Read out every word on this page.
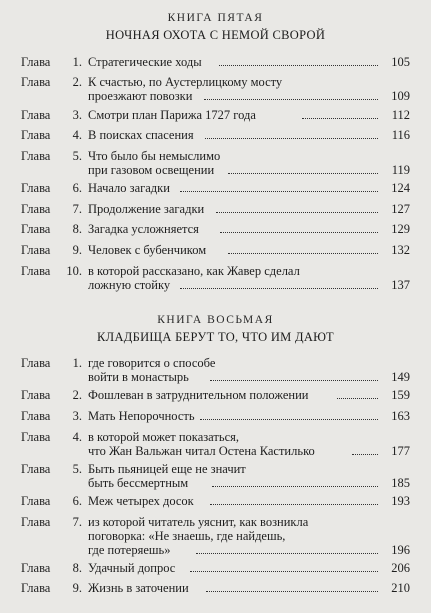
КНИГА ПЯТАЯ
НОЧНАЯ ОХОТА С НЕМОЙ СВОРОЙ
Глава	1. Стратегические ходы	105
Глава	2. К счастью, по Аустерлицкому мосту
проезжают повозки	109
Глава	3. Смотри план Парижа 1727 года	112
Глава	4. В поисках спасения	116
Глава	5. Что было бы немыслимо
при газовом освещении	119
Глава	6. Начало загадки	124
Глава	7. Продолжение загадки	127
Глава	8. Загадка усложняется	129
Глава	9. Человек с бубенчиком	132
Глава 10. в которой рассказано, как Жавер сделал
ложную стойку	137
КНИГА ВОСЬМАЯ
КЛАДБИЩА БЕРУТ ТО, ЧТО ИМ ДАЮТ
Глава	1. где говорится о способе
войти в монастырь	149
Глава	2. Фошлеван в затруднительном положении	159
Глава	3. Мать Непорочность	163
Глава	4. в которой может показаться,
что Жан Вальжан читал Остена Кастилько	177
Глава	5. Быть пьяницей еще не значит
быть бессмертным	185
Глава	6. Меж четырех досок	193
Глава	7. из которой читатель уяснит, как возникла
поговорка: «Не знаешь, где найдешь,
где потеряешь»	196
Глава	8. Удачный допрос	206
Глава	9. Жизнь в заточении	210
